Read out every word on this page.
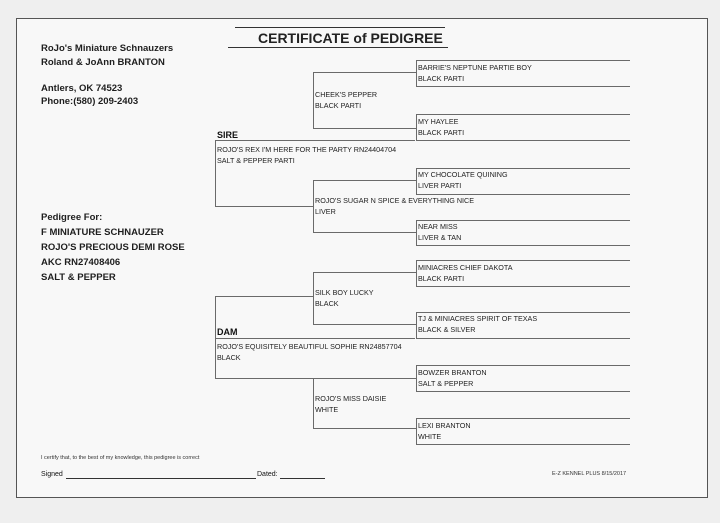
CERTIFICATE of PEDIGREE
RoJo's Miniature Schnauzers
Roland & JoAnn BRANTON
Antlers, OK 74523
Phone:(580) 209-2403
Pedigree For:
F MINIATURE SCHNAUZER
ROJO'S PRECIOUS DEMI ROSE
AKC RN27408406
SALT & PEPPER
SIRE
ROJO'S REX I'M HERE FOR THE PARTY RN24404704
SALT & PEPPER PARTI
CHEEK'S PEPPER
BLACK PARTI
BARRIE'S NEPTUNE PARTIE BOY
BLACK PARTI
MY HAYLEE
BLACK PARTI
ROJO'S SUGAR N SPICE & EVERYTHING NICE
LIVER
MY CHOCOLATE QUINING
LIVER PARTI
NEAR MISS
LIVER & TAN
DAM
ROJO'S EQUISITELY BEAUTIFUL SOPHIE RN24857704
BLACK
SILK BOY LUCKY
BLACK
MINIACRES CHIEF DAKOTA
BLACK PARTI
TJ & MINIACRES SPIRIT OF TEXAS
BLACK & SILVER
ROJO'S MISS DAISIE
WHITE
BOWZER BRANTON
SALT & PEPPER
LEXI BRANTON
WHITE
I certify that, to the best of my knowledge, this pedigree is correct
Signed	Dated:	E-Z KENNEL PLUS 8/15/2017
